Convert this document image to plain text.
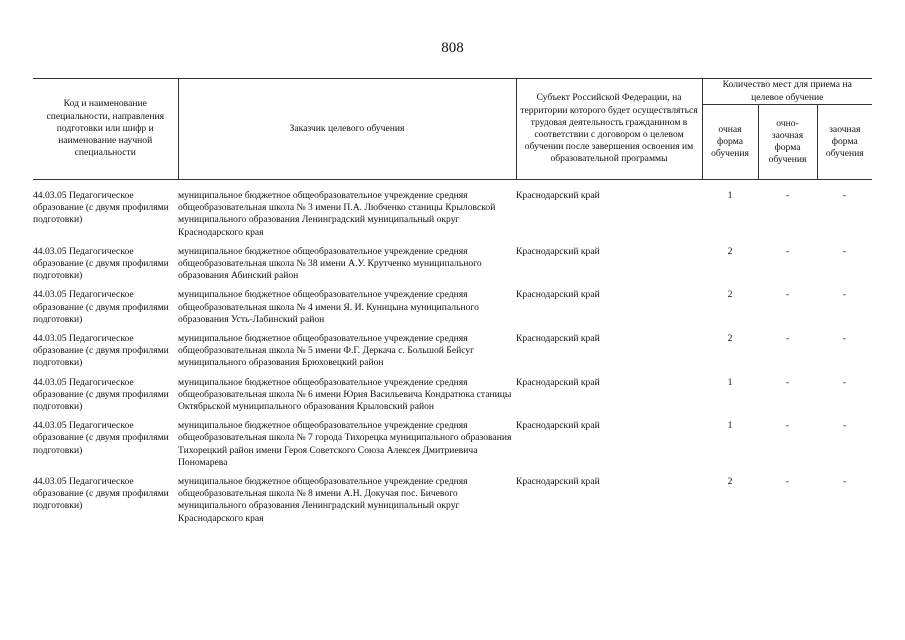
808
Код и наименование специальности, направления подготовки или шифр и наименование научной специальности	Заказчик целевого обучения	Субъект Российской Федерации, на территории которого будет осуществляться трудовая деятельность гражданином в соответствии с договором о целевом обучении после завершения освоения им образовательной программы	Количество мест для приема на целевое обучение		
			очная форма обучения	очно-заочная форма обучения	заочная форма обучения

44.03.05 Педагогическое образование (с двумя профилями подготовки)	муниципальное бюджетное общеобразовательное учреждение средняя общеобразовательная школа № 3 имени П.А. Любченко станицы Крыловской муниципального образования Ленинградский муниципальный округ Краснодарского края	Краснодарский край	1	-	-
44.03.05 Педагогическое образование (с двумя профилями подготовки)	муниципальное бюджетное общеобразовательное учреждение средняя общеобразовательная школа № 38 имени А.У. Крутченко муниципального образования Абинский район	Краснодарский край	2	-	-
44.03.05 Педагогическое образование (с двумя профилями подготовки)	муниципальное бюджетное общеобразовательное учреждение средняя общеобразовательная школа № 4 имени Я. И. Куницына муниципального образования Усть-Лабинский район	Краснодарский край	2	-	-
44.03.05 Педагогическое образование (с двумя профилями подготовки)	муниципальное бюджетное общеобразовательное учреждение средняя общеобразовательная школа № 5 имени Ф.Г. Деркача с. Большой Бейсуг муниципального образования Брюховецкий район	Краснодарский край	2	-	-
44.03.05 Педагогическое образование (с двумя профилями подготовки)	муниципальное бюджетное общеобразовательное учреждение средняя общеобразовательная школа № 6 имени Юрия Васильевича Кондратюка станицы Октябрьской муниципального образования Крыловский район	Краснодарский край	1	-	-
44.03.05 Педагогическое образование (с двумя профилями подготовки)	муниципальное бюджетное общеобразовательное учреждение средняя общеобразовательная школа № 7 города Тихорецка муниципального образования Тихорецкий район имени Героя Советского Союза Алексея Дмитриевича Пономарева	Краснодарский край	1	-	-
44.03.05 Педагогическое образование (с двумя профилями подготовки)	муниципальное бюджетное общеобразовательное учреждение средняя общеобразовательная школа № 8 имени А.Н. Докучая пос. Бичевого муниципального образования Ленинградский муниципальный округ Краснодарского края	Краснодарский край	2	-	-
